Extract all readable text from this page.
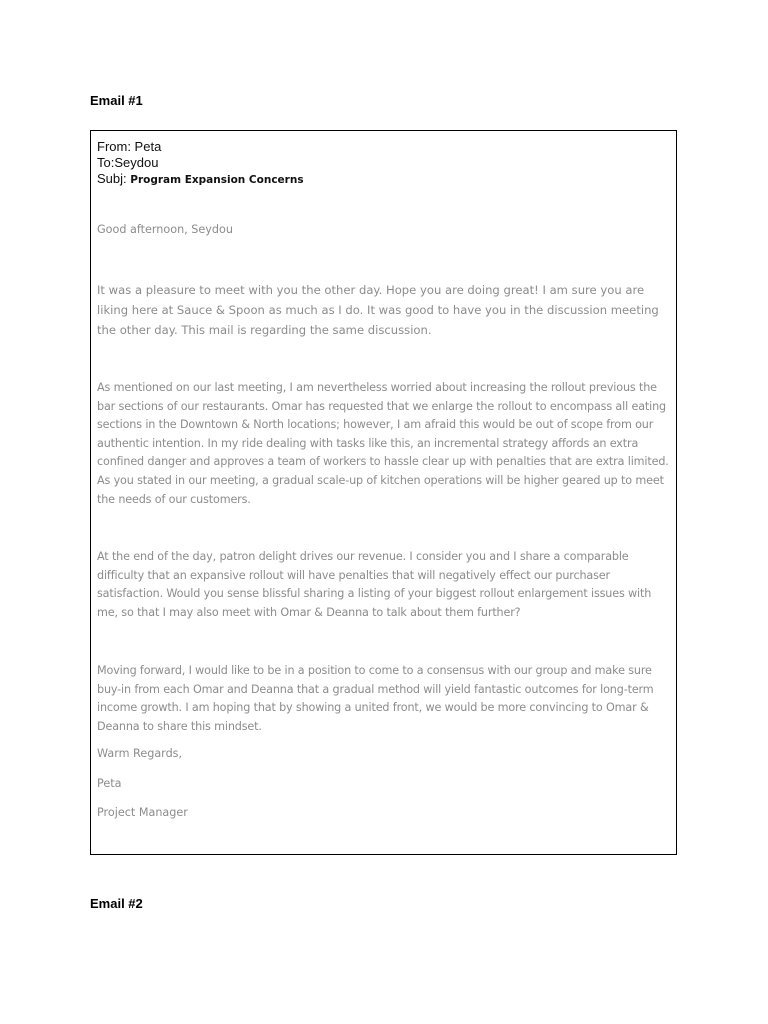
Email #1
From: Peta
To:Seydou
Subj: Program Expansion Concerns

Good afternoon, Seydou

It was a pleasure to meet with you the other day. Hope you are doing great! I am sure you are liking here at Sauce & Spoon as much as I do. It was good to have you in the discussion meeting the other day. This mail is regarding the same discussion.

As mentioned on our last meeting, I am nevertheless worried about increasing the rollout previous the bar sections of our restaurants. Omar has requested that we enlarge the rollout to encompass all eating sections in the Downtown & North locations; however, I am afraid this would be out of scope from our authentic intention. In my ride dealing with tasks like this, an incremental strategy affords an extra confined danger and approves a team of workers to hassle clear up with penalties that are extra limited. As you stated in our meeting, a gradual scale-up of kitchen operations will be higher geared up to meet the needs of our customers.

At the end of the day, patron delight drives our revenue. I consider you and I share a comparable difficulty that an expansive rollout will have penalties that will negatively effect our purchaser satisfaction. Would you sense blissful sharing a listing of your biggest rollout enlargement issues with me, so that I may also meet with Omar & Deanna to talk about them further?

Moving forward, I would like to be in a position to come to a consensus with our group and make sure buy-in from each Omar and Deanna that a gradual method will yield fantastic outcomes for long-term income growth. I am hoping that by showing a united front, we would be more convincing to Omar & Deanna to share this mindset.

Warm Regards,

Peta

Project Manager

Email #2
